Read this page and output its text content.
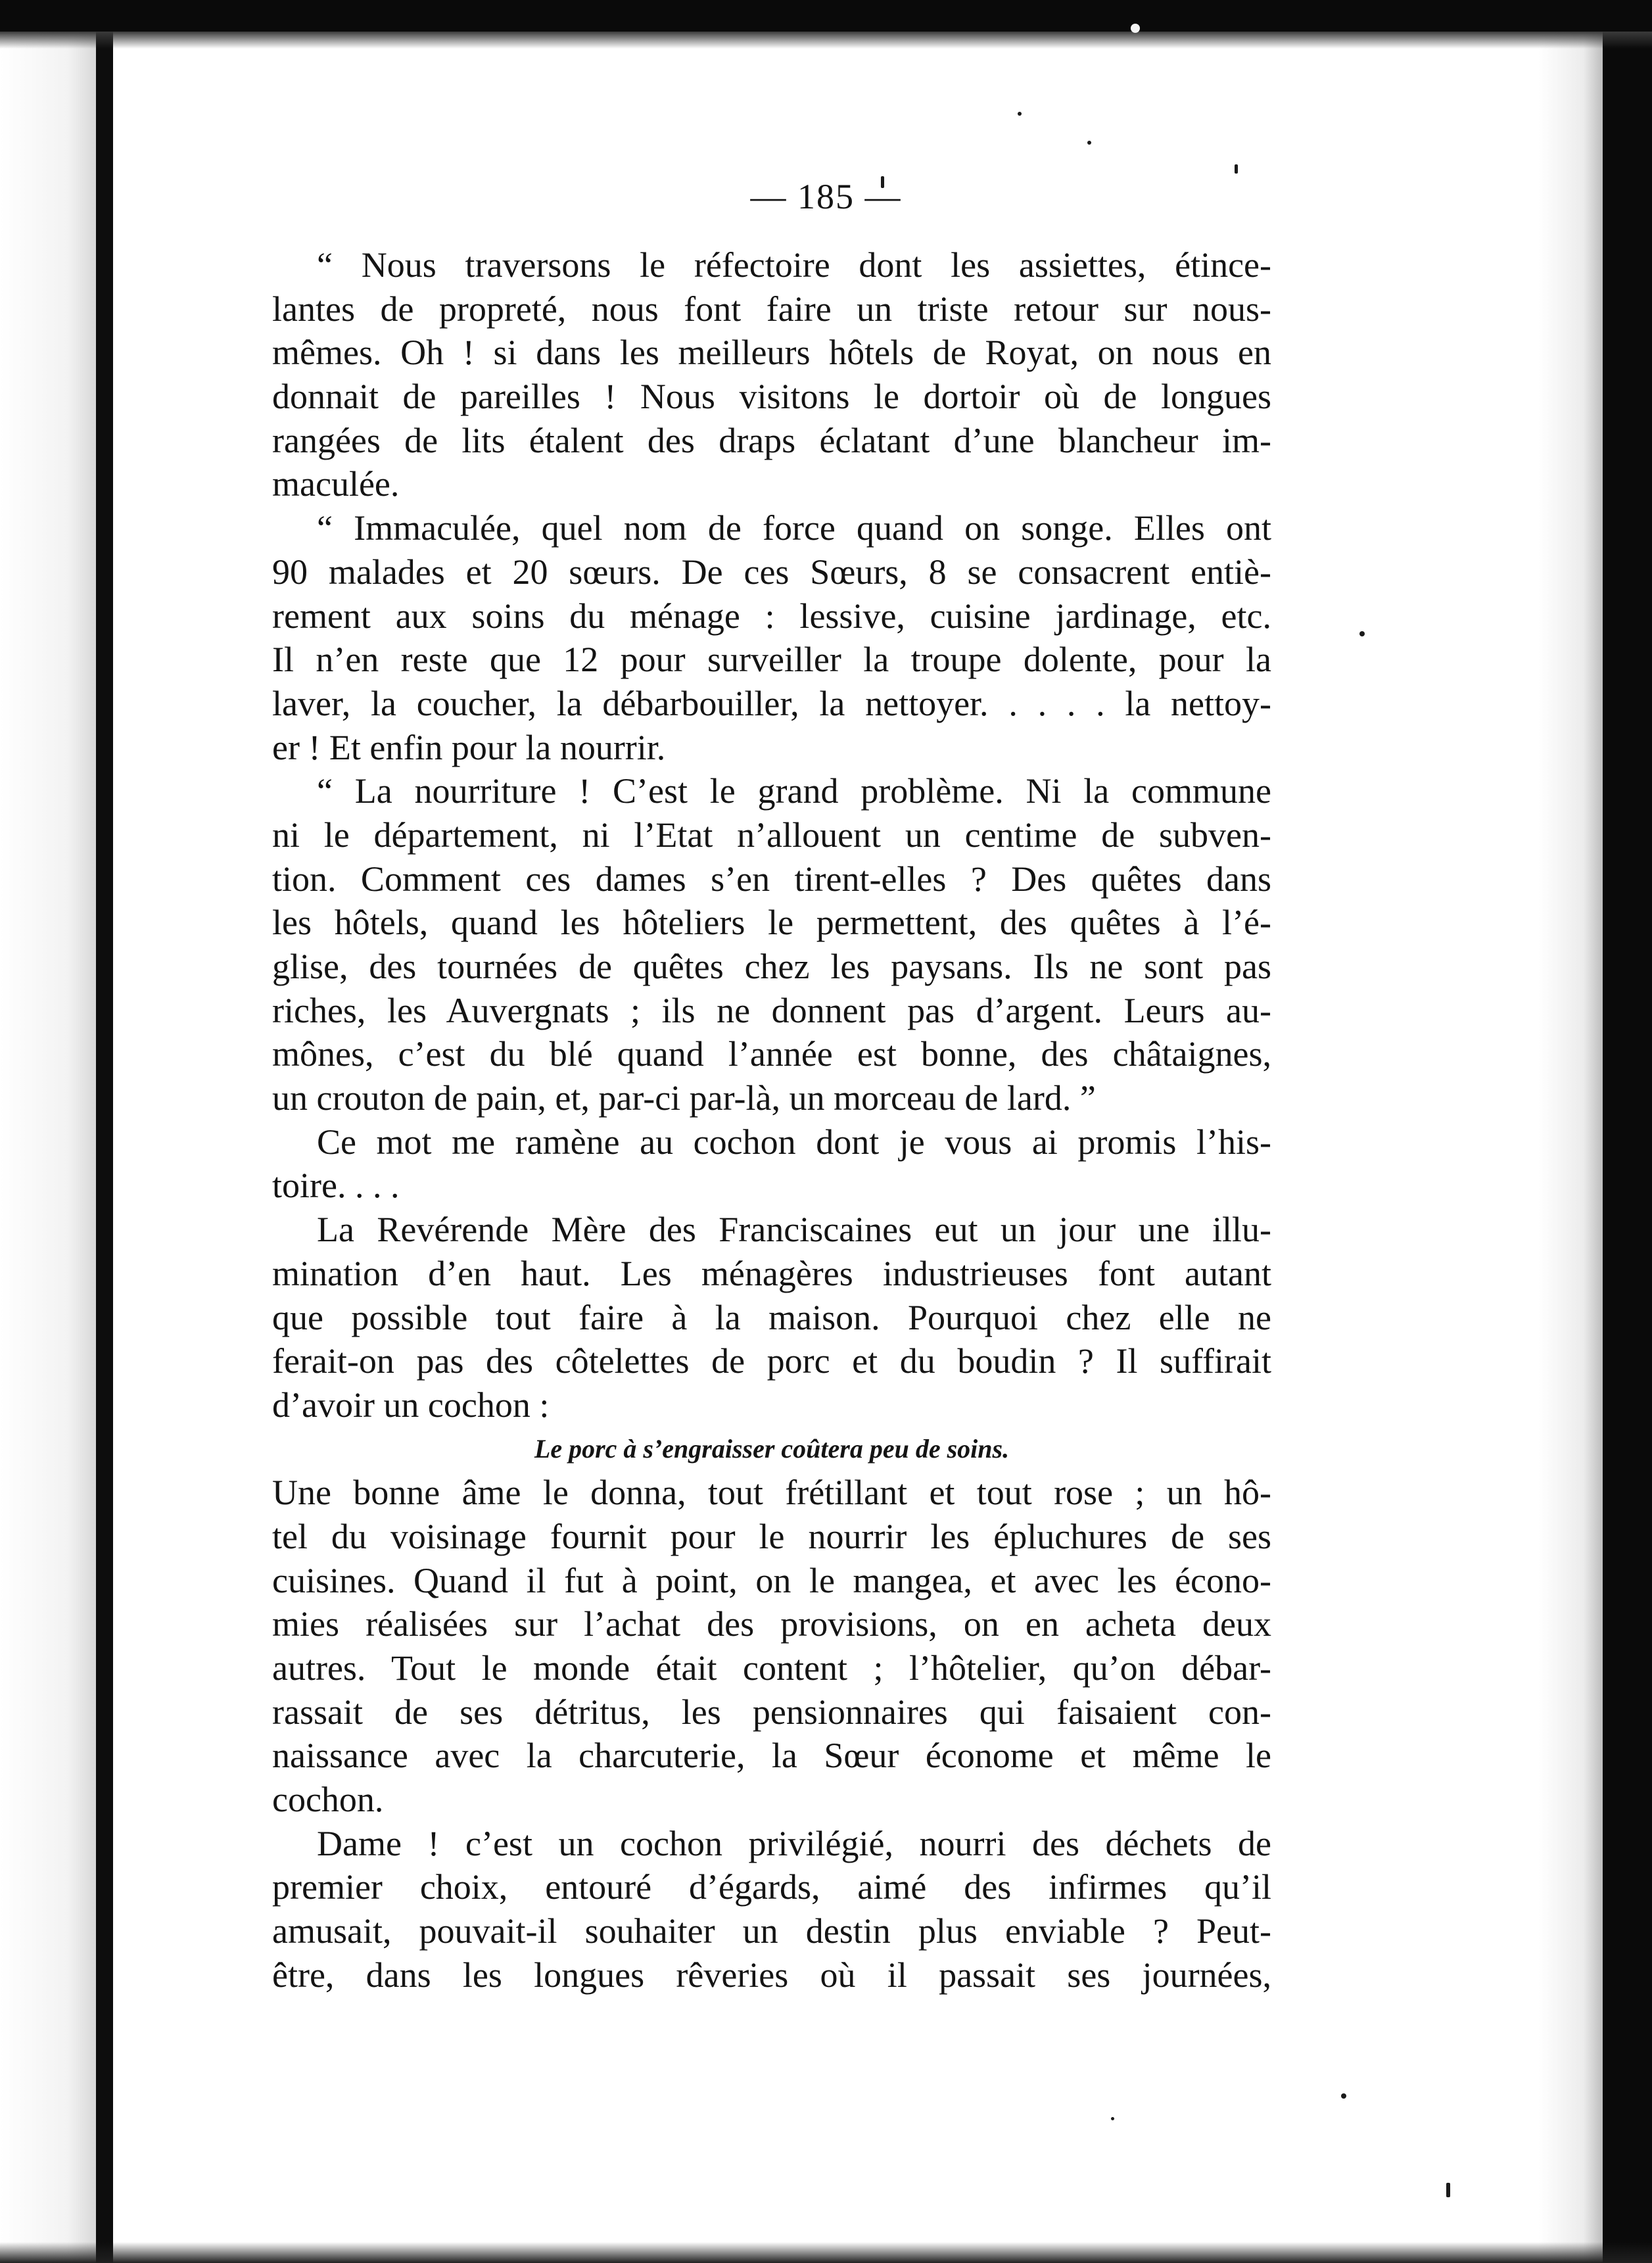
— 185 —
“ Nous traversons le réfectoire dont les assiettes, étince-
lantes de propreté, nous font faire un triste retour sur nous-
mêmes. Oh ! si dans les meilleurs hôtels de Royat, on nous en
donnait de pareilles ! Nous visitons le dortoir où de longues
rangées de lits étalent des draps éclatant d’une blancheur im-
maculée.
“ Immaculée, quel nom de force quand on songe. Elles ont
90 malades et 20 sœurs. De ces Sœurs, 8 se consacrent entiè-
rement aux soins du ménage : lessive, cuisine jardinage, etc.
Il n’en reste que 12 pour surveiller la troupe dolente, pour la
laver, la coucher, la débarbouiller, la nettoyer. . . . . la nettoy-
er ! Et enfin pour la nourrir.
“ La nourriture ! C’est le grand problème. Ni la commune
ni le département, ni l’Etat n’allouent un centime de subven-
tion. Comment ces dames s’en tirent-elles ? Des quêtes dans
les hôtels, quand les hôteliers le permettent, des quêtes à l’é-
glise, des tournées de quêtes chez les paysans. Ils ne sont pas
riches, les Auvergnats ; ils ne donnent pas d’argent. Leurs au-
mônes, c’est du blé quand l’année est bonne, des châtaignes,
un crouton de pain, et, par-ci par-là, un morceau de lard. ”
Ce mot me ramène au cochon dont je vous ai promis l’his-
toire. . . .
La Revérende Mère des Franciscaines eut un jour une illu-
mination d’en haut. Les ménagères industrieuses font autant
que possible tout faire à la maison. Pourquoi chez elle ne
ferait-on pas des côtelettes de porc et du boudin ? Il suffirait
d’avoir un cochon :
Le porc à s’engraisser coûtera peu de soins.
Une bonne âme le donna, tout frétillant et tout rose ; un hô-
tel du voisinage fournit pour le nourrir les épluchures de ses
cuisines. Quand il fut à point, on le mangea, et avec les écono-
mies réalisées sur l’achat des provisions, on en acheta deux
autres. Tout le monde était content ; l’hôtelier, qu’on débar-
rassait de ses détritus, les pensionnaires qui faisaient con-
naissance avec la charcuterie, la Sœur économe et même le
cochon.
Dame ! c’est un cochon privilégié, nourri des déchets de
premier choix, entouré d’égards, aimé des infirmes qu’il
amusait, pouvait-il souhaiter un destin plus enviable ? Peut-
être, dans les longues rêveries où il passait ses journées,
